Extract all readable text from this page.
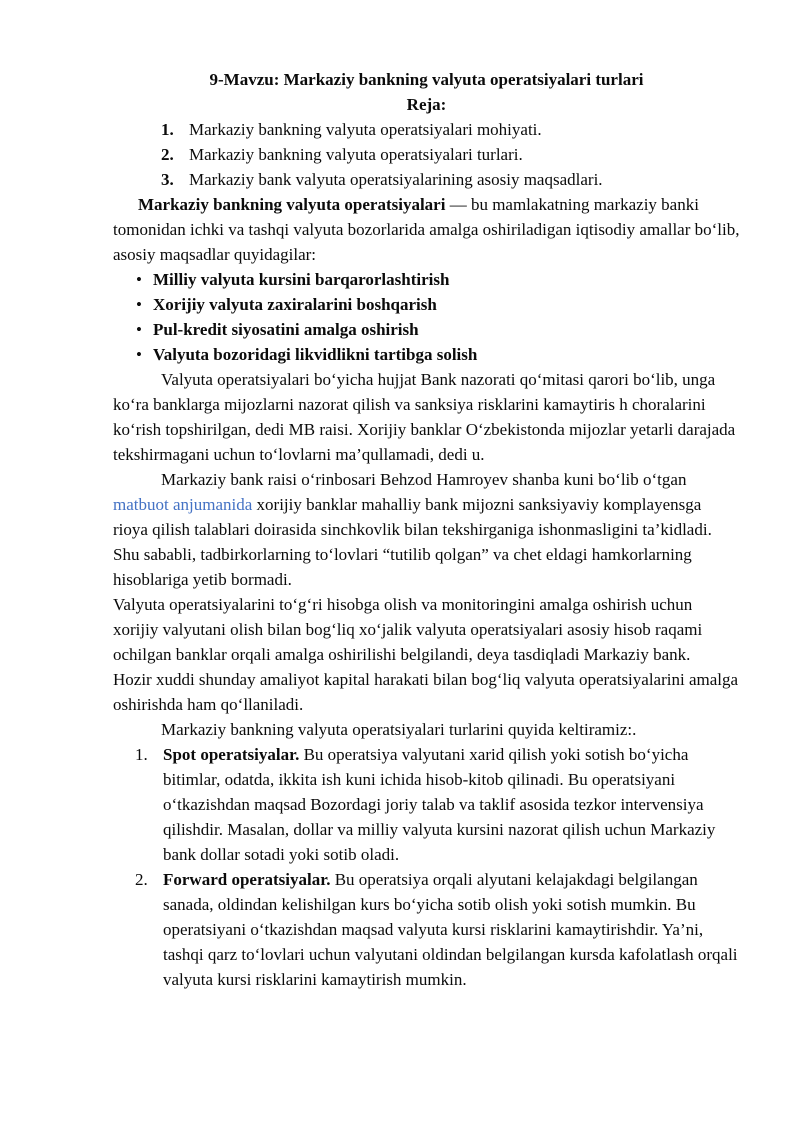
9-Mavzu: Markaziy bankning valyuta operatsiyalari turlari
Reja:
1. Markaziy bankning valyuta operatsiyalari mohiyati.
2. Markaziy bankning valyuta operatsiyalari turlari.
3. Markaziy bank valyuta operatsiyalarining asosiy maqsadlari.

Markaziy bankning valyuta operatsiyalari — bu mamlakatning markaziy banki tomonidan ichki va tashqi valyuta bozorlarida amalga oshiriladigan iqtisodiy amallar bo‘lib, asosiy maqsadlar quyidagilar:

• Milliy valyuta kursini barqarorlashtirish
• Xorijiy valyuta zaxiralarini boshqarish
• Pul-kredit siyosatini amalga oshirish
• Valyuta bozoridagi likvidlikni tartibga solish

Valyuta operatsiyalari bo‘yicha hujjat Bank nazorati qo‘mitasi qarori bo‘lib, unga ko‘ra banklarga mijozlarni nazorat qilish va sanksiya risklarini kamaytiris h choralarini ko‘rish topshirilgan, dedi MB raisi. Xorijiy banklar O‘zbekistonda mijozlar yetarli darajada tekshirmagani uchun to‘lovlarni ma’qullamadi, dedi u.

Markaziy bank raisi o‘rinbosari Behzod Hamroyev shanba kuni bo‘lib o‘tgan matbuot anjumanida xorijiy banklar mahalliy bank mijozni sanksiyaviy komplayensga rioya qilish talablari doirasida sinchkovlik bilan tekshirganiga ishonmasligini ta’kidladi. Shu sababli, tadbirkorlarning to‘lovlari “tutilib qolgan” va chet eldagi hamkorlarning hisoblariga yetib bormadi.

Valyuta operatsiyalarini to‘g‘ri hisobga olish va monitoringini amalga oshirish uchun xorijiy valyutani olish bilan bog‘liq xo‘jalik valyuta operatsiyalari asosiy hisob raqami ochilgan banklar orqali amalga oshirilishi belgilandi, deya tasdiqladi Markaziy bank.

Hozir xuddi shunday amaliyot kapital harakati bilan bog‘liq valyuta operatsiyalarini amalga oshirishda ham qo‘llaniladi.

Markaziy bankning valyuta operatsiyalari turlarini quyida keltiramiz:.

1. Spot operatsiyalar. Bu operatsiya valyutani xarid qilish yoki sotish bo‘yicha bitimlar, odatda, ikkita ish kuni ichida hisob-kitob qilinadi. Bu operatsiyani o‘tkazishdan maqsad Bozordagi joriy talab va taklif asosida tezkor intervensiya qilishdir. Masalan, dollar va milliy valyuta kursini nazorat qilish uchun Markaziy bank dollar sotadi yoki sotib oladi.
2. Forward operatsiyalar. Bu operatsiya orqali alyutani kelajakdagi belgilangan sanada, oldindan kelishilgan kurs bo‘yicha sotib olish yoki sotish mumkin. Bu operatsiyani o‘tkazishdan maqsad valyuta kursi risklarini kamaytirishdir. Ya’ni, tashqi qarz to‘lovlari uchun valyutani oldindan belgilangan kursda kafolatlash orqali valyuta kursi risklarini kamaytirish mumkin.
